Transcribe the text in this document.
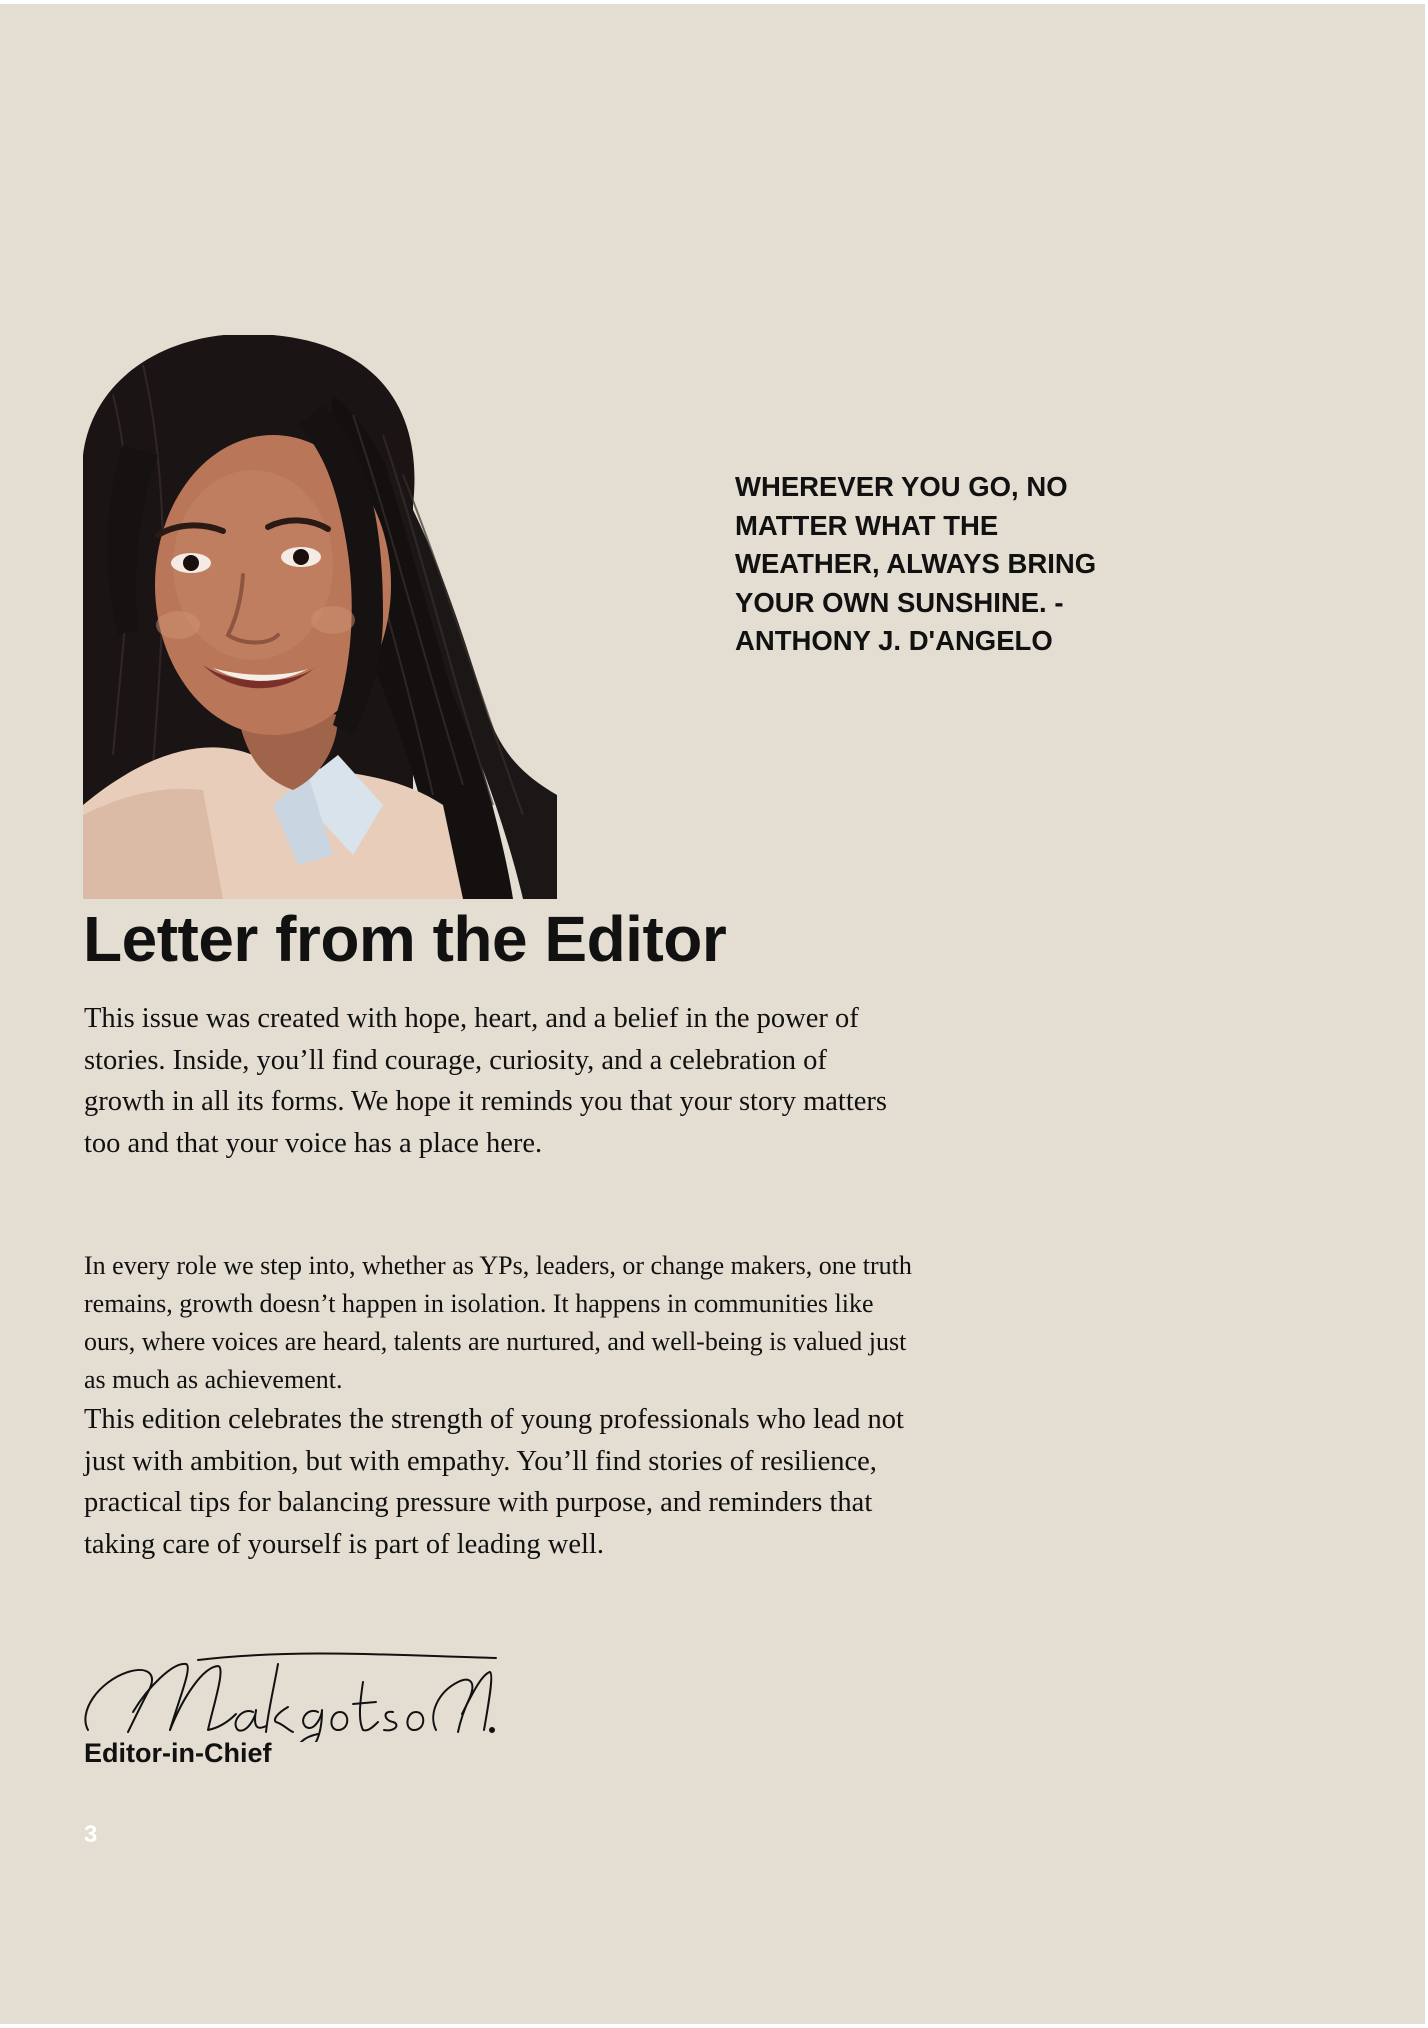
WHEREVER YOU GO, NO
MATTER WHAT THE
WEATHER, ALWAYS BRING
YOUR OWN SUNSHINE. -
ANTHONY J. D'ANGELO
Letter from the Editor

This issue was created with hope, heart, and a belief in the power of stories. Inside, you’ll find courage, curiosity, and a celebration of growth in all its forms. We hope it reminds you that your story matters too and that your voice has a place here.

In every role we step into, whether as YPs, leaders, or change makers, one truth remains, growth doesn’t happen in isolation. It happens in communities like ours, where voices are heard, talents are nurtured, and well-being is valued just as much as achievement.

This edition celebrates the strength of young professionals who lead not just with ambition, but with empathy. You’ll find stories of resilience, practical tips for balancing pressure with purpose, and reminders that taking care of yourself is part of leading well.

Editor-in-Chief
3
